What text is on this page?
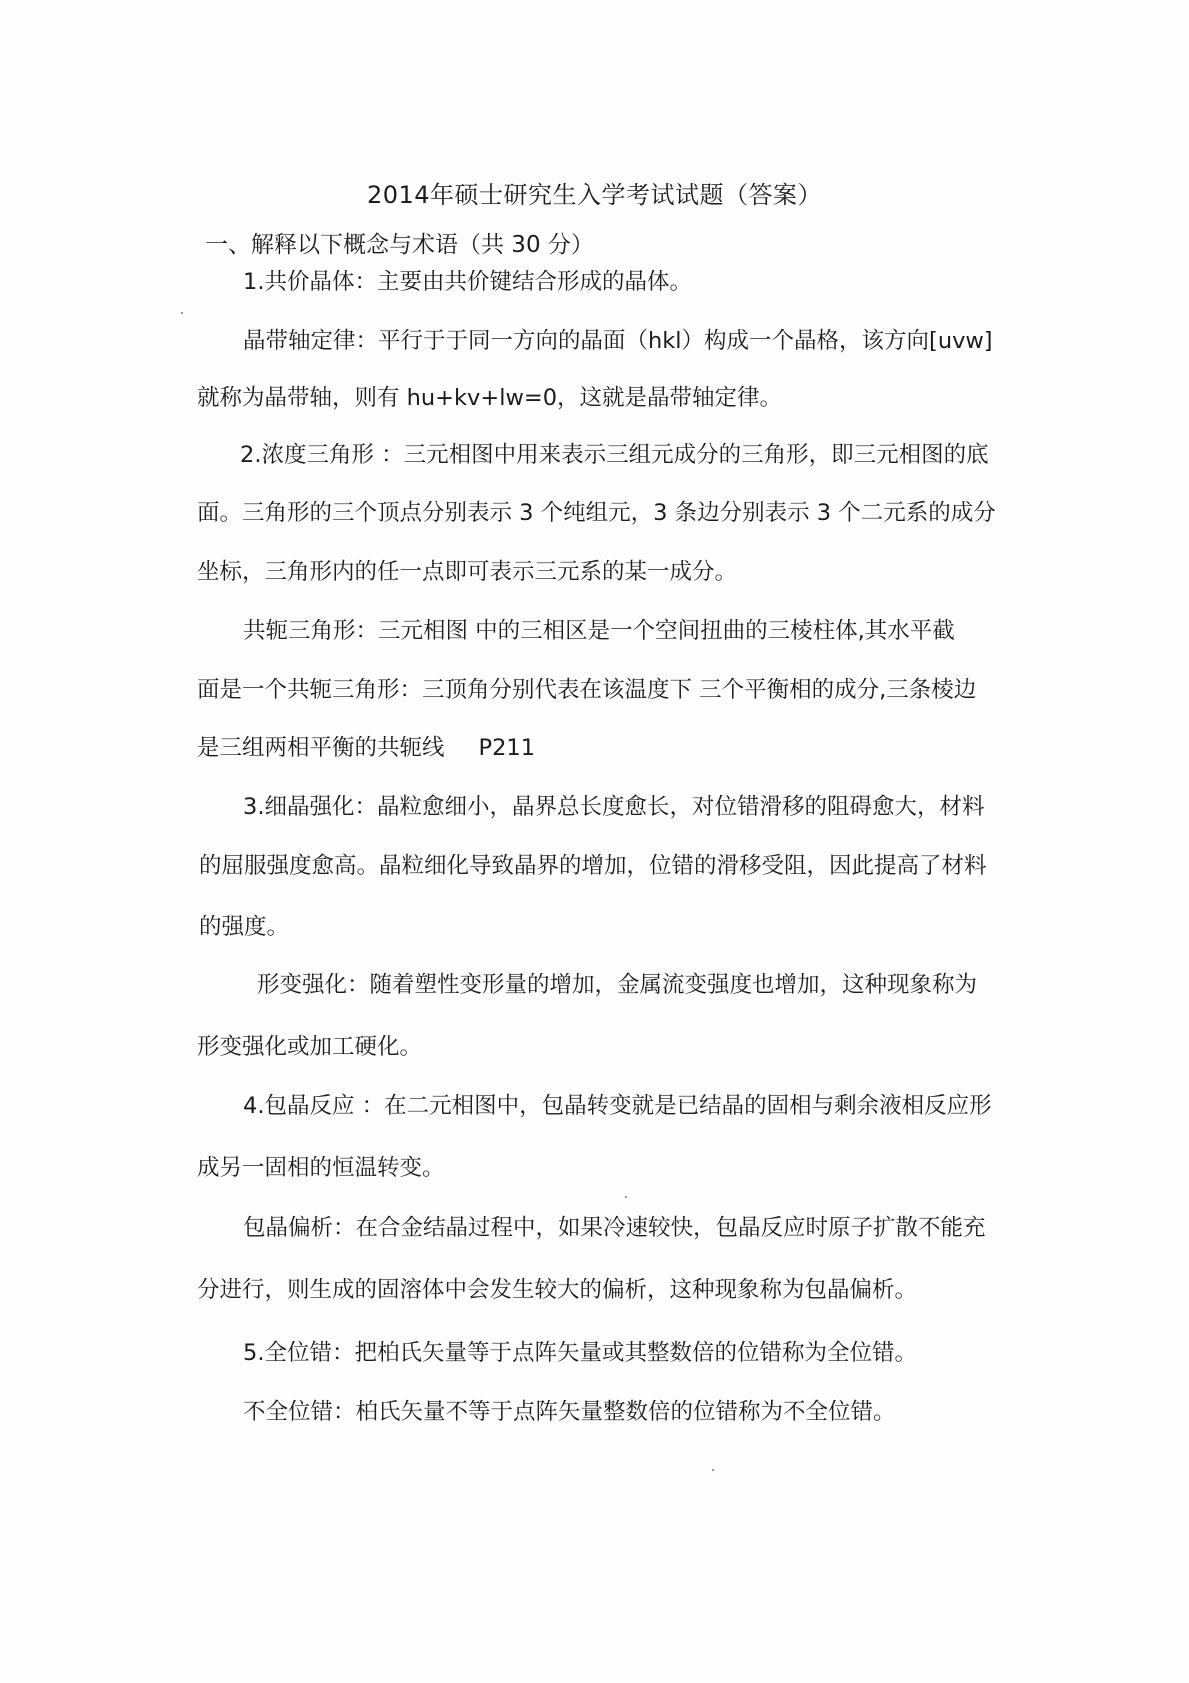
2014年硕士研究生入学考试试题（答案）
一、解释以下概念与术语（共 30 分）
1.共价晶体：主要由共价键结合形成的晶体。
晶带轴定律：平行于于同一方向的晶面（hkl）构成一个晶格，该方向[uvw]
就称为晶带轴，则有 hu+kv+lw=0，这就是晶带轴定律。
2.浓度三角形 ：三元相图中用来表示三组元成分的三角形，即三元相图的底
面。三角形的三个顶点分别表示 3 个纯组元，3 条边分别表示 3 个二元系的成分
坐标，三角形内的任一点即可表示三元系的某一成分。
共轭三角形：三元相图 中的三相区是一个空间扭曲的三棱柱体,其水平截
面是一个共轭三角形：三顶角分别代表在该温度下 三个平衡相的成分,三条棱边
是三组两相平衡的共轭线 P211
3.细晶强化：晶粒愈细小，晶界总长度愈长，对位错滑移的阻碍愈大，材料
的屈服强度愈高。晶粒细化导致晶界的增加，位错的滑移受阻，因此提高了材料
的强度。
形变强化：随着塑性变形量的增加，金属流变强度也增加，这种现象称为
形变强化或加工硬化。
4.包晶反应 ：在二元相图中，包晶转变就是已结晶的固相与剩余液相反应形
成另一固相的恒温转变。
包晶偏析：在合金结晶过程中，如果冷速较快，包晶反应时原子扩散不能充
分进行，则生成的固溶体中会发生较大的偏析，这种现象称为包晶偏析。
5.全位错：把柏氏矢量等于点阵矢量或其整数倍的位错称为全位错。
不全位错：柏氏矢量不等于点阵矢量整数倍的位错称为不全位错。
